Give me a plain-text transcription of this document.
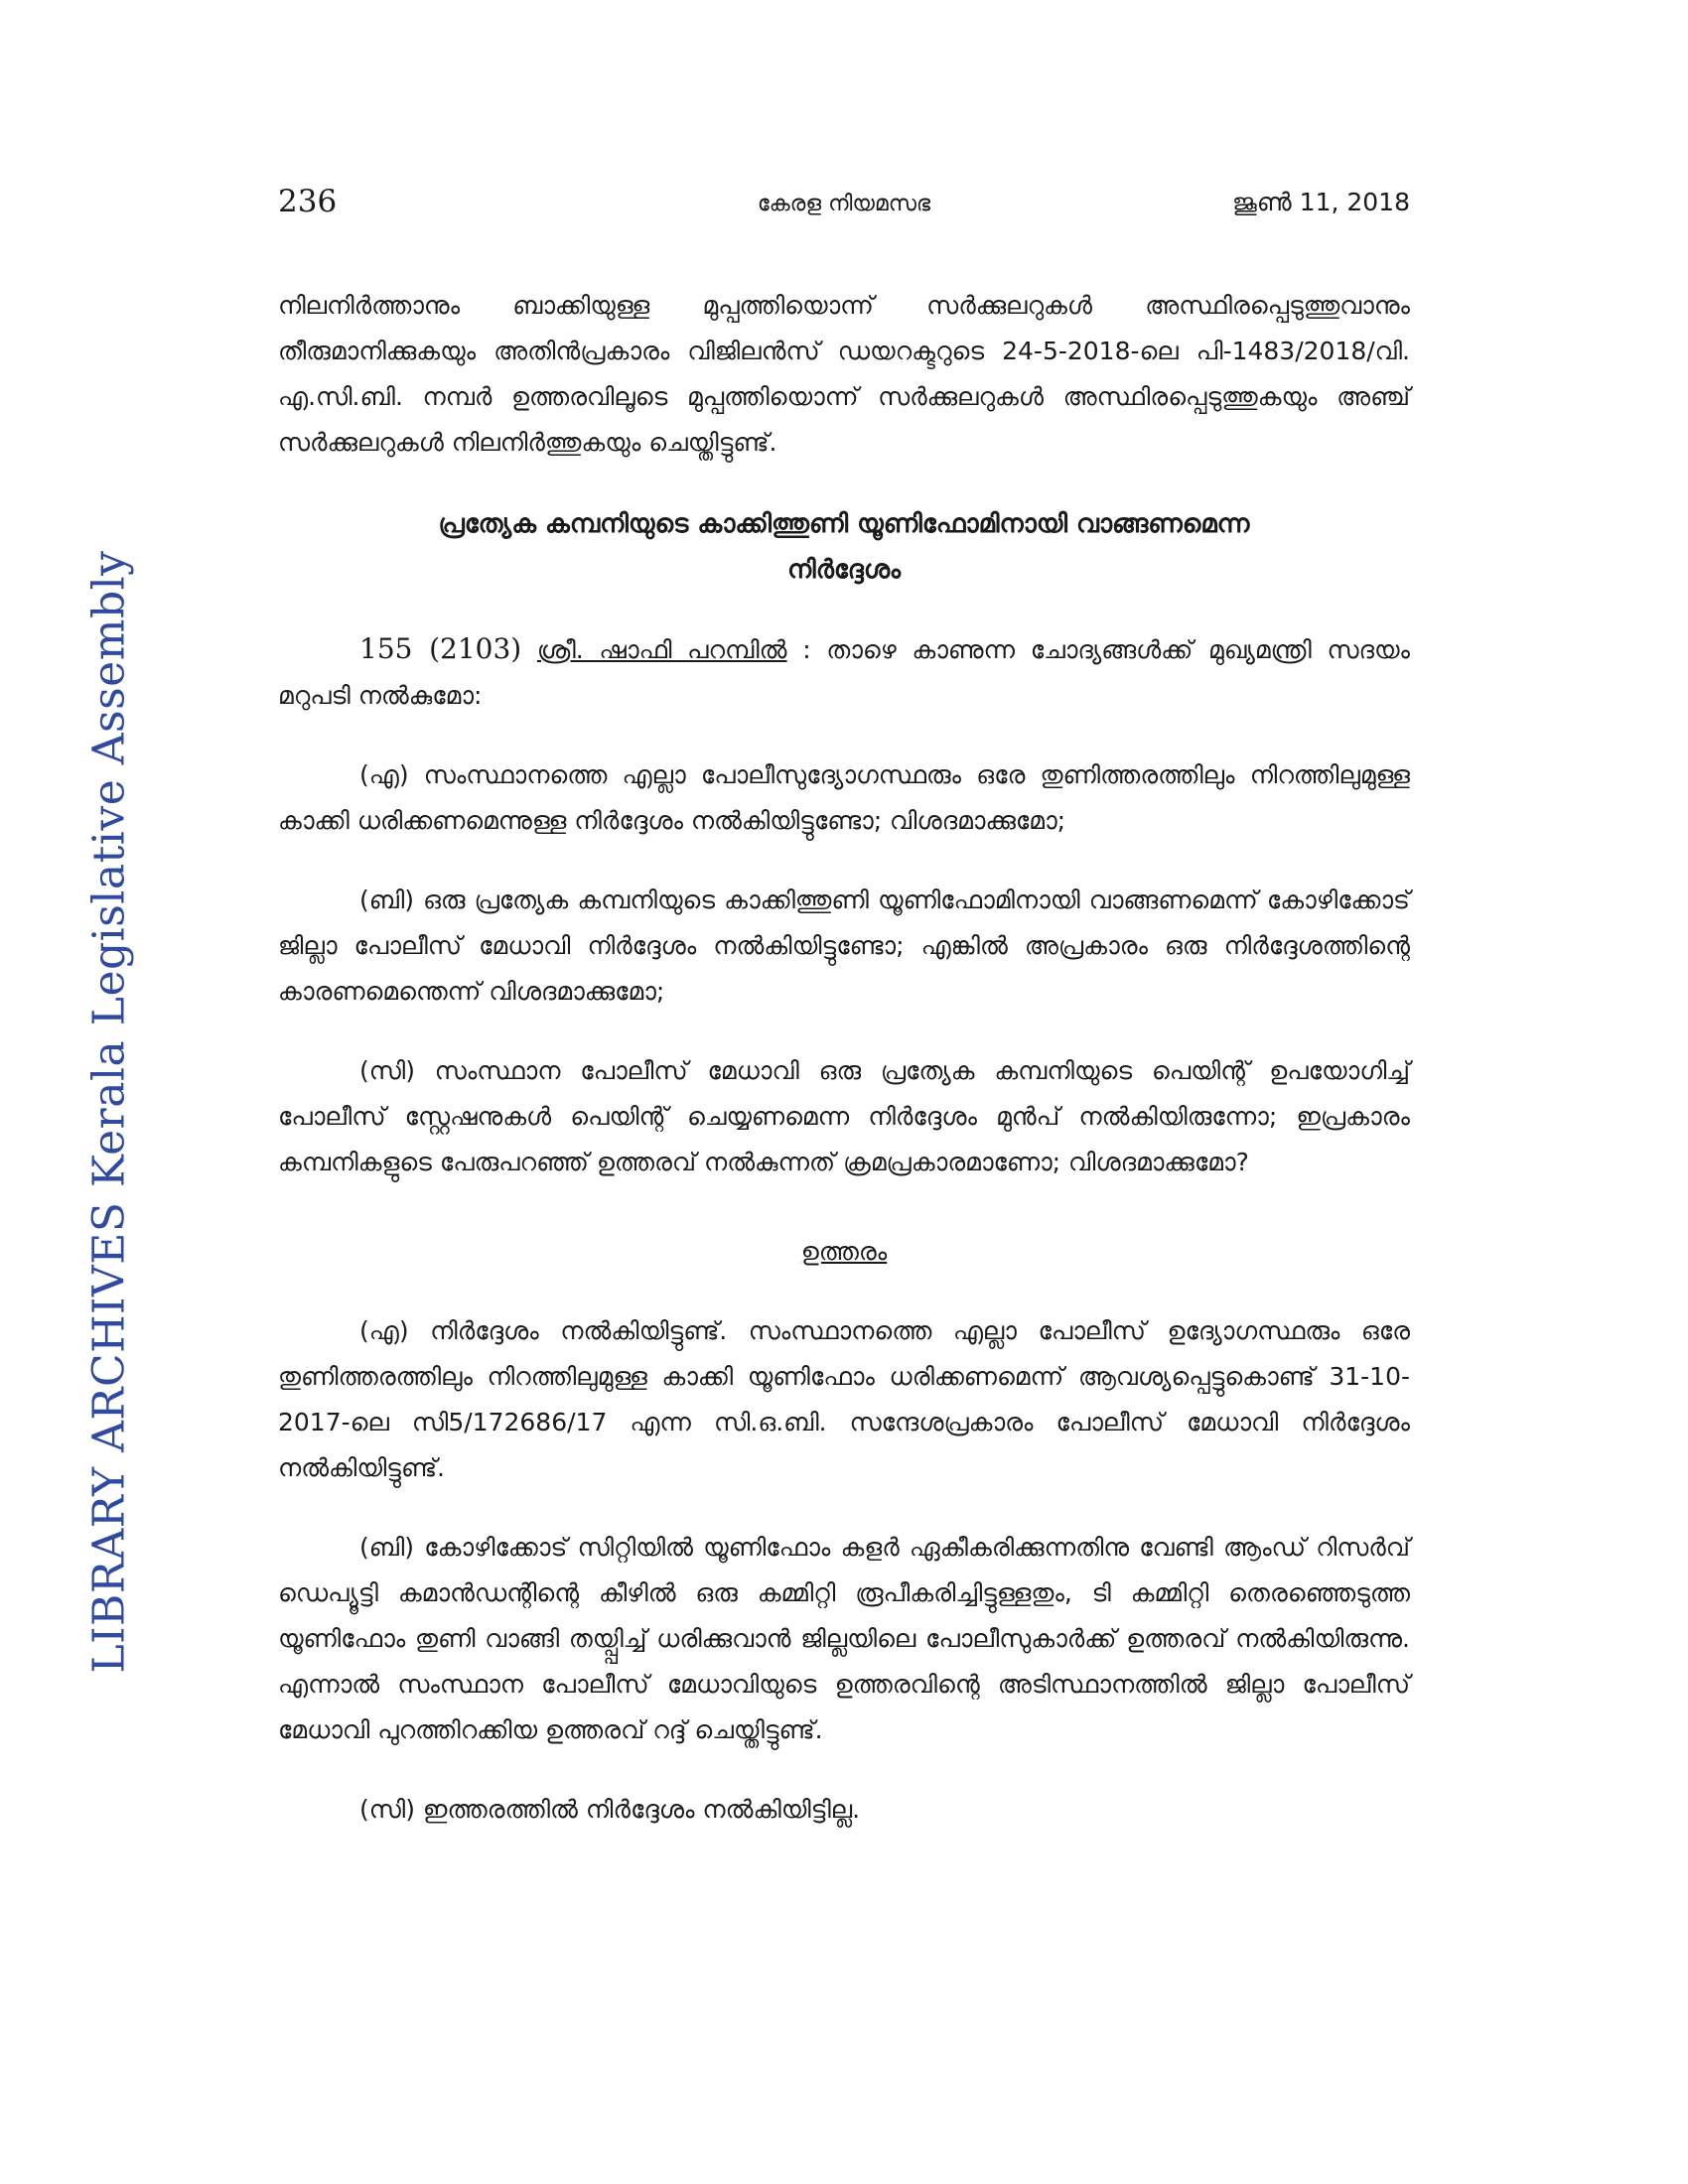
LIBRARY ARCHIVES Kerala Legislative Assembly
236	കേരള നിയമസഭ	ജൂൺ 11, 2018

നിലനിർത്താനും ബാക്കിയുള്ള മുപ്പത്തിയൊന്ന് സർക്കുലറുകൾ അസ്ഥിരപ്പെടുത്തുവാനും തീരുമാനിക്കുകയും അതിൻപ്രകാരം വിജിലൻസ് ഡയറക്ടറുടെ 24-5-2018-ലെ പി-1483/2018/വി. എ.സി.ബി. നമ്പർ ഉത്തരവിലൂടെ മുപ്പത്തിയൊന്ന് സർക്കുലറുകൾ അസ്ഥിരപ്പെടുത്തുകയും അഞ്ച് സർക്കുലറുകൾ നിലനിർത്തുകയും ചെയ്തിട്ടുണ്ട്.

പ്രത്യേക കമ്പനിയുടെ കാക്കിത്തുണി യൂണിഫോമിനായി വാങ്ങണമെന്ന
നിർദ്ദേശം

155 (2103) ശ്രീ. ഷാഫി പറമ്പിൽ : താഴെ കാണുന്ന ചോദ്യങ്ങൾക്ക് മുഖ്യമന്ത്രി സദയം മറുപടി നൽകുമോ:

(എ) സംസ്ഥാനത്തെ എല്ലാ പോലീസുദ്യോഗസ്ഥരും ഒരേ തുണിത്തരത്തിലും നിറത്തിലുമുള്ള കാക്കി ധരിക്കണമെന്നുള്ള നിർദ്ദേശം നൽകിയിട്ടുണ്ടോ; വിശദമാക്കുമോ;

(ബി) ഒരു പ്രത്യേക കമ്പനിയുടെ കാക്കിത്തുണി യൂണിഫോമിനായി വാങ്ങണമെന്ന് കോഴിക്കോട് ജില്ലാ പോലീസ് മേധാവി നിർദ്ദേശം നൽകിയിട്ടുണ്ടോ; എങ്കിൽ അപ്രകാരം ഒരു നിർദ്ദേശത്തിന്റെ കാരണമെന്തെന്ന് വിശദമാക്കുമോ;

(സി) സംസ്ഥാന പോലീസ് മേധാവി ഒരു പ്രത്യേക കമ്പനിയുടെ പെയിന്റ് ഉപയോഗിച്ച് പോലീസ് സ്റ്റേഷനുകൾ പെയിന്റ് ചെയ്യണമെന്ന നിർദ്ദേശം മുൻപ് നൽകിയിരുന്നോ; ഇപ്രകാരം കമ്പനികളുടെ പേരുപറഞ്ഞ് ഉത്തരവ് നൽകുന്നത് ക്രമപ്രകാരമാണോ; വിശദമാക്കുമോ?

ഉത്തരം

(എ) നിർദ്ദേശം നൽകിയിട്ടുണ്ട്. സംസ്ഥാനത്തെ എല്ലാ പോലീസ് ഉദ്യോഗസ്ഥരും ഒരേ തുണിത്തരത്തിലും നിറത്തിലുമുള്ള കാക്കി യൂണിഫോം ധരിക്കണമെന്ന് ആവശ്യപ്പെട്ടുകൊണ്ട് 31-10-2017-ലെ സി5/172686/17 എന്ന സി.ഒ.ബി. സന്ദേശപ്രകാരം പോലീസ് മേധാവി നിർദ്ദേശം നൽകിയിട്ടുണ്ട്.

(ബി) കോഴിക്കോട് സിറ്റിയിൽ യൂണിഫോം കളർ ഏകീകരിക്കുന്നതിനു വേണ്ടി ആംഡ് റിസർവ് ഡെപ്യൂട്ടി കമാൻഡന്റിന്റെ കീഴിൽ ഒരു കമ്മിറ്റി രൂപീകരിച്ചിട്ടുള്ളതും, ടി കമ്മിറ്റി തെരഞ്ഞെടുത്ത യൂണിഫോം തുണി വാങ്ങി തയ്പ്പിച്ച് ധരിക്കുവാൻ ജില്ലയിലെ പോലീസുകാർക്ക് ഉത്തരവ് നൽകിയിരുന്നു. എന്നാൽ സംസ്ഥാന പോലീസ് മേധാവിയുടെ ഉത്തരവിന്റെ അടിസ്ഥാനത്തിൽ ജില്ലാ പോലീസ് മേധാവി പുറത്തിറക്കിയ ഉത്തരവ് റദ്ദ് ചെയ്തിട്ടുണ്ട്.

(സി) ഇത്തരത്തിൽ നിർദ്ദേശം നൽകിയിട്ടില്ല.
